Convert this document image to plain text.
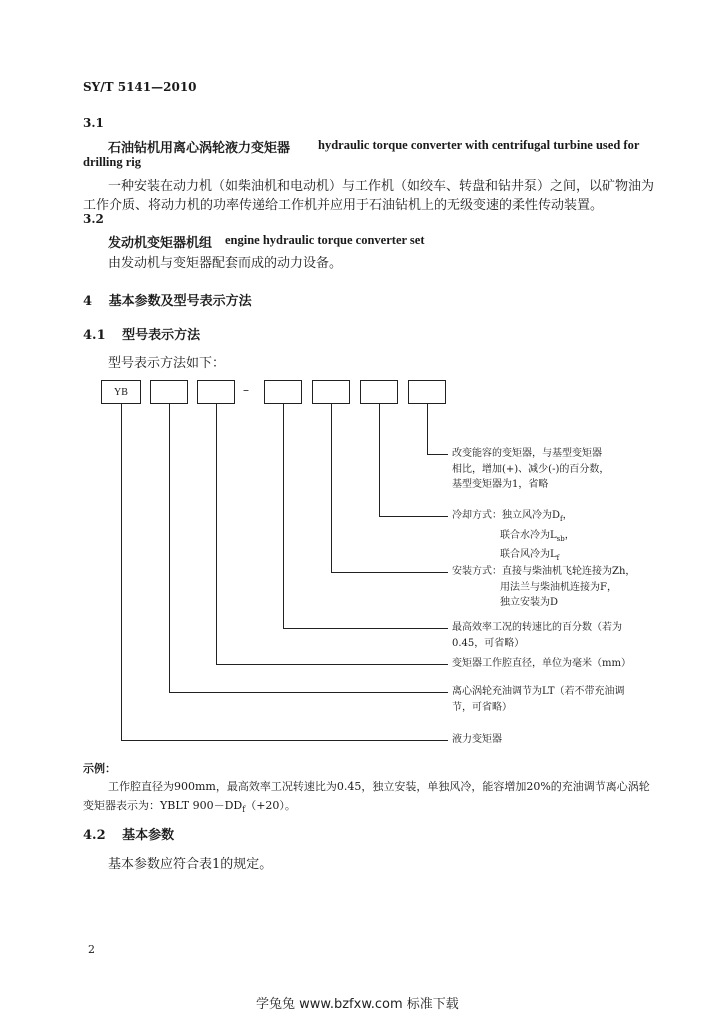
SY/T 5141—2010
3.1
石油钻机用离心涡轮液力变矩器 hydraulic torque converter with centrifugal turbine used for
drilling rig
一种安装在动力机（如柴油机和电动机）与工作机（如绞车、转盘和钻井泵）之间，以矿物油为
工作介质、将动力机的功率传递给工作机并应用于石油钻机上的无级变速的柔性传动装置。
3.2
发动机变矩器机组 engine hydraulic torque converter set
由发动机与变矩器配套而成的动力设备。
4 基本参数及型号表示方法
4.1 型号表示方法
型号表示方法如下：
YB	–
改变能容的变矩器，与基型变矩器
相比，增加(+)、减少(-)的百分数，
基型变矩器为1，省略
冷却方式：独立风冷为$D_f$，
联合水冷为$L_{sb}$，
联合风冷为$L_f$
安装方式：直接与柴油机飞轮连接为Zh，
用法兰与柴油机连接为F，
独立安装为D
最高效率工况的转速比的百分数（若为
0.45，可省略）
变矩器工作腔直径，单位为毫米（mm）
离心涡轮充油调节为LT（若不带充油调
节，可省略）
液力变矩器
示例：
工作腔直径为900mm，最高效率工况转速比为0.45，独立安装，单独风冷，能容增加20%的充油调节离心涡轮
变矩器表示为：YBLT $900-DD_f(+20)$。
4.2 基本参数
基本参数应符合表1的规定。
2
学兔兔 www.bzfxw.com 标准下载
